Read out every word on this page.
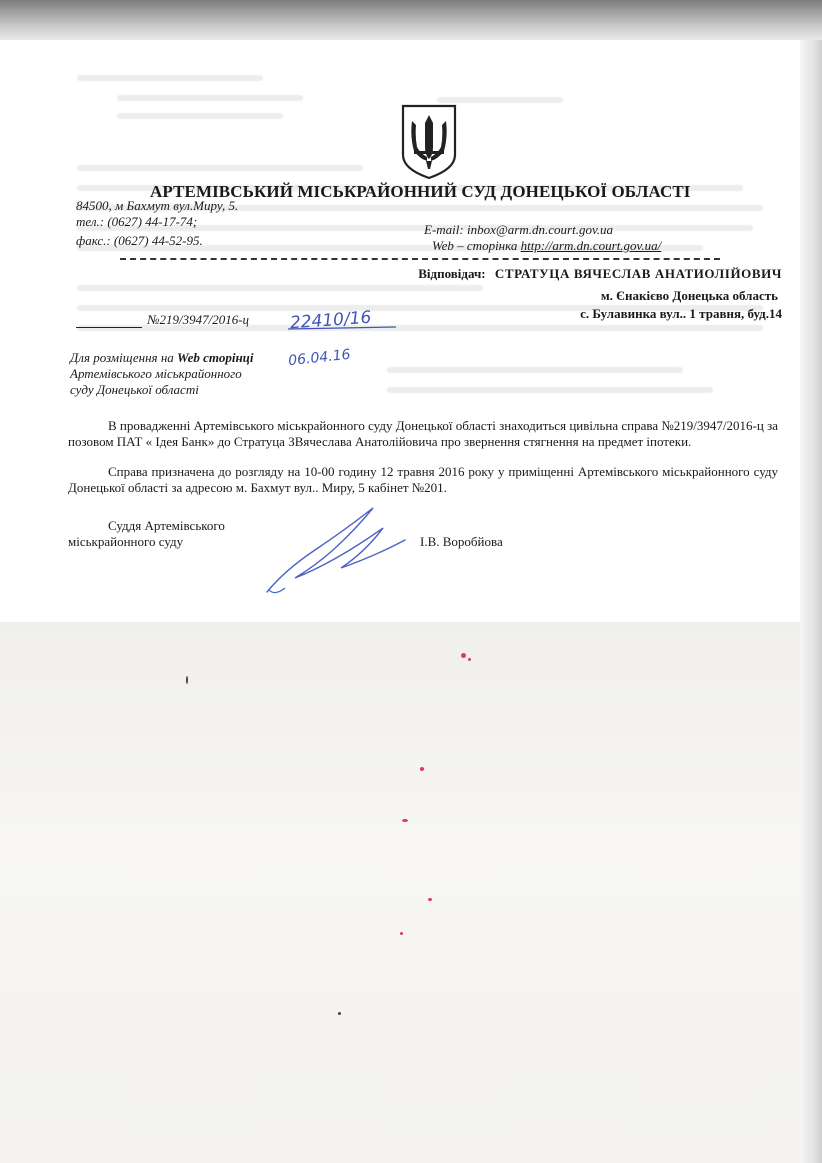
АРТЕМІВСЬКИЙ МІСЬКРАЙОННИЙ СУД ДОНЕЦЬКОЇ ОБЛАСТІ
84500, м Бахмут вул.Миру, 5.
тел.: (0627) 44-17-74;
факс.: (0627) 44-52-95.
E-mail: inbox@arm.dn.court.gov.ua
Web – сторінка http://arm.dn.court.gov.ua/
Відповідач: СТРАТУЦА ВЯЧЕСЛАВ АНАТИОЛІЙОВИЧ
м. Єнакієво Донецька область
с. Булавинка вул.. 1 травня, буд.14
№219/3947/2016-ц 22410/16
06.04.16
Для розміщення на Web сторінці
Артемівського міськрайонного
суду Донецької області

В провадженні Артемівського міськрайонного суду Донецької області знаходиться цивільна справа №219/3947/2016-ц за позовом ПАТ « Ідея Банк» до Стратуца ЗВячеслава Анатолійовича про звернення стягнення на предмет іпотеки.

Справа призначена до розгляду на 10-00 годину 12 травня 2016 року у приміщенні Артемівського міськрайонного суду Донецької області за адресою м. Бахмут вул.. Миру, 5 кабінет №201.

Суддя Артемівського
міськрайонного суду	І.В. Воробйова
